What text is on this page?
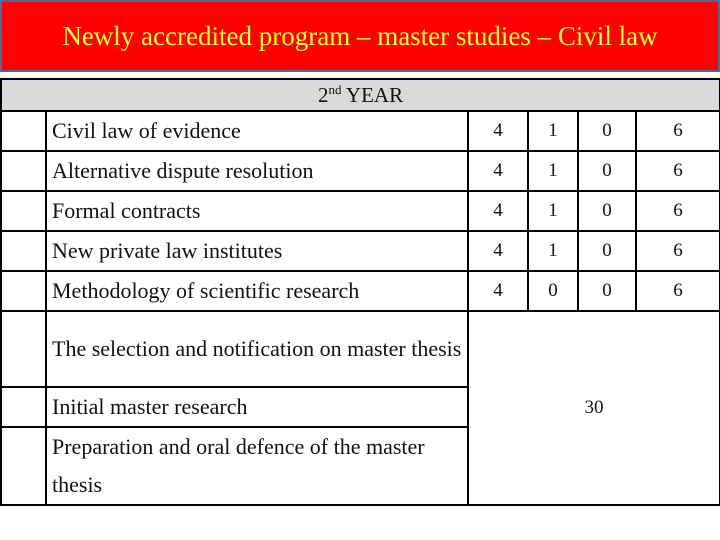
Newly accredited program – master studies – Civil law
2nd YEAR					
	Civil law of evidence	4	1	0	6
	Alternative dispute resolution	4	1	0	6
	Formal contracts	4	1	0	6
	New private law institutes	4	1	0	6
	Methodology of scientific research	4	0	0	6
	The selection and notification on master thesis	30			
	Initial master research				
	Preparation and oral defence of the master thesis				
